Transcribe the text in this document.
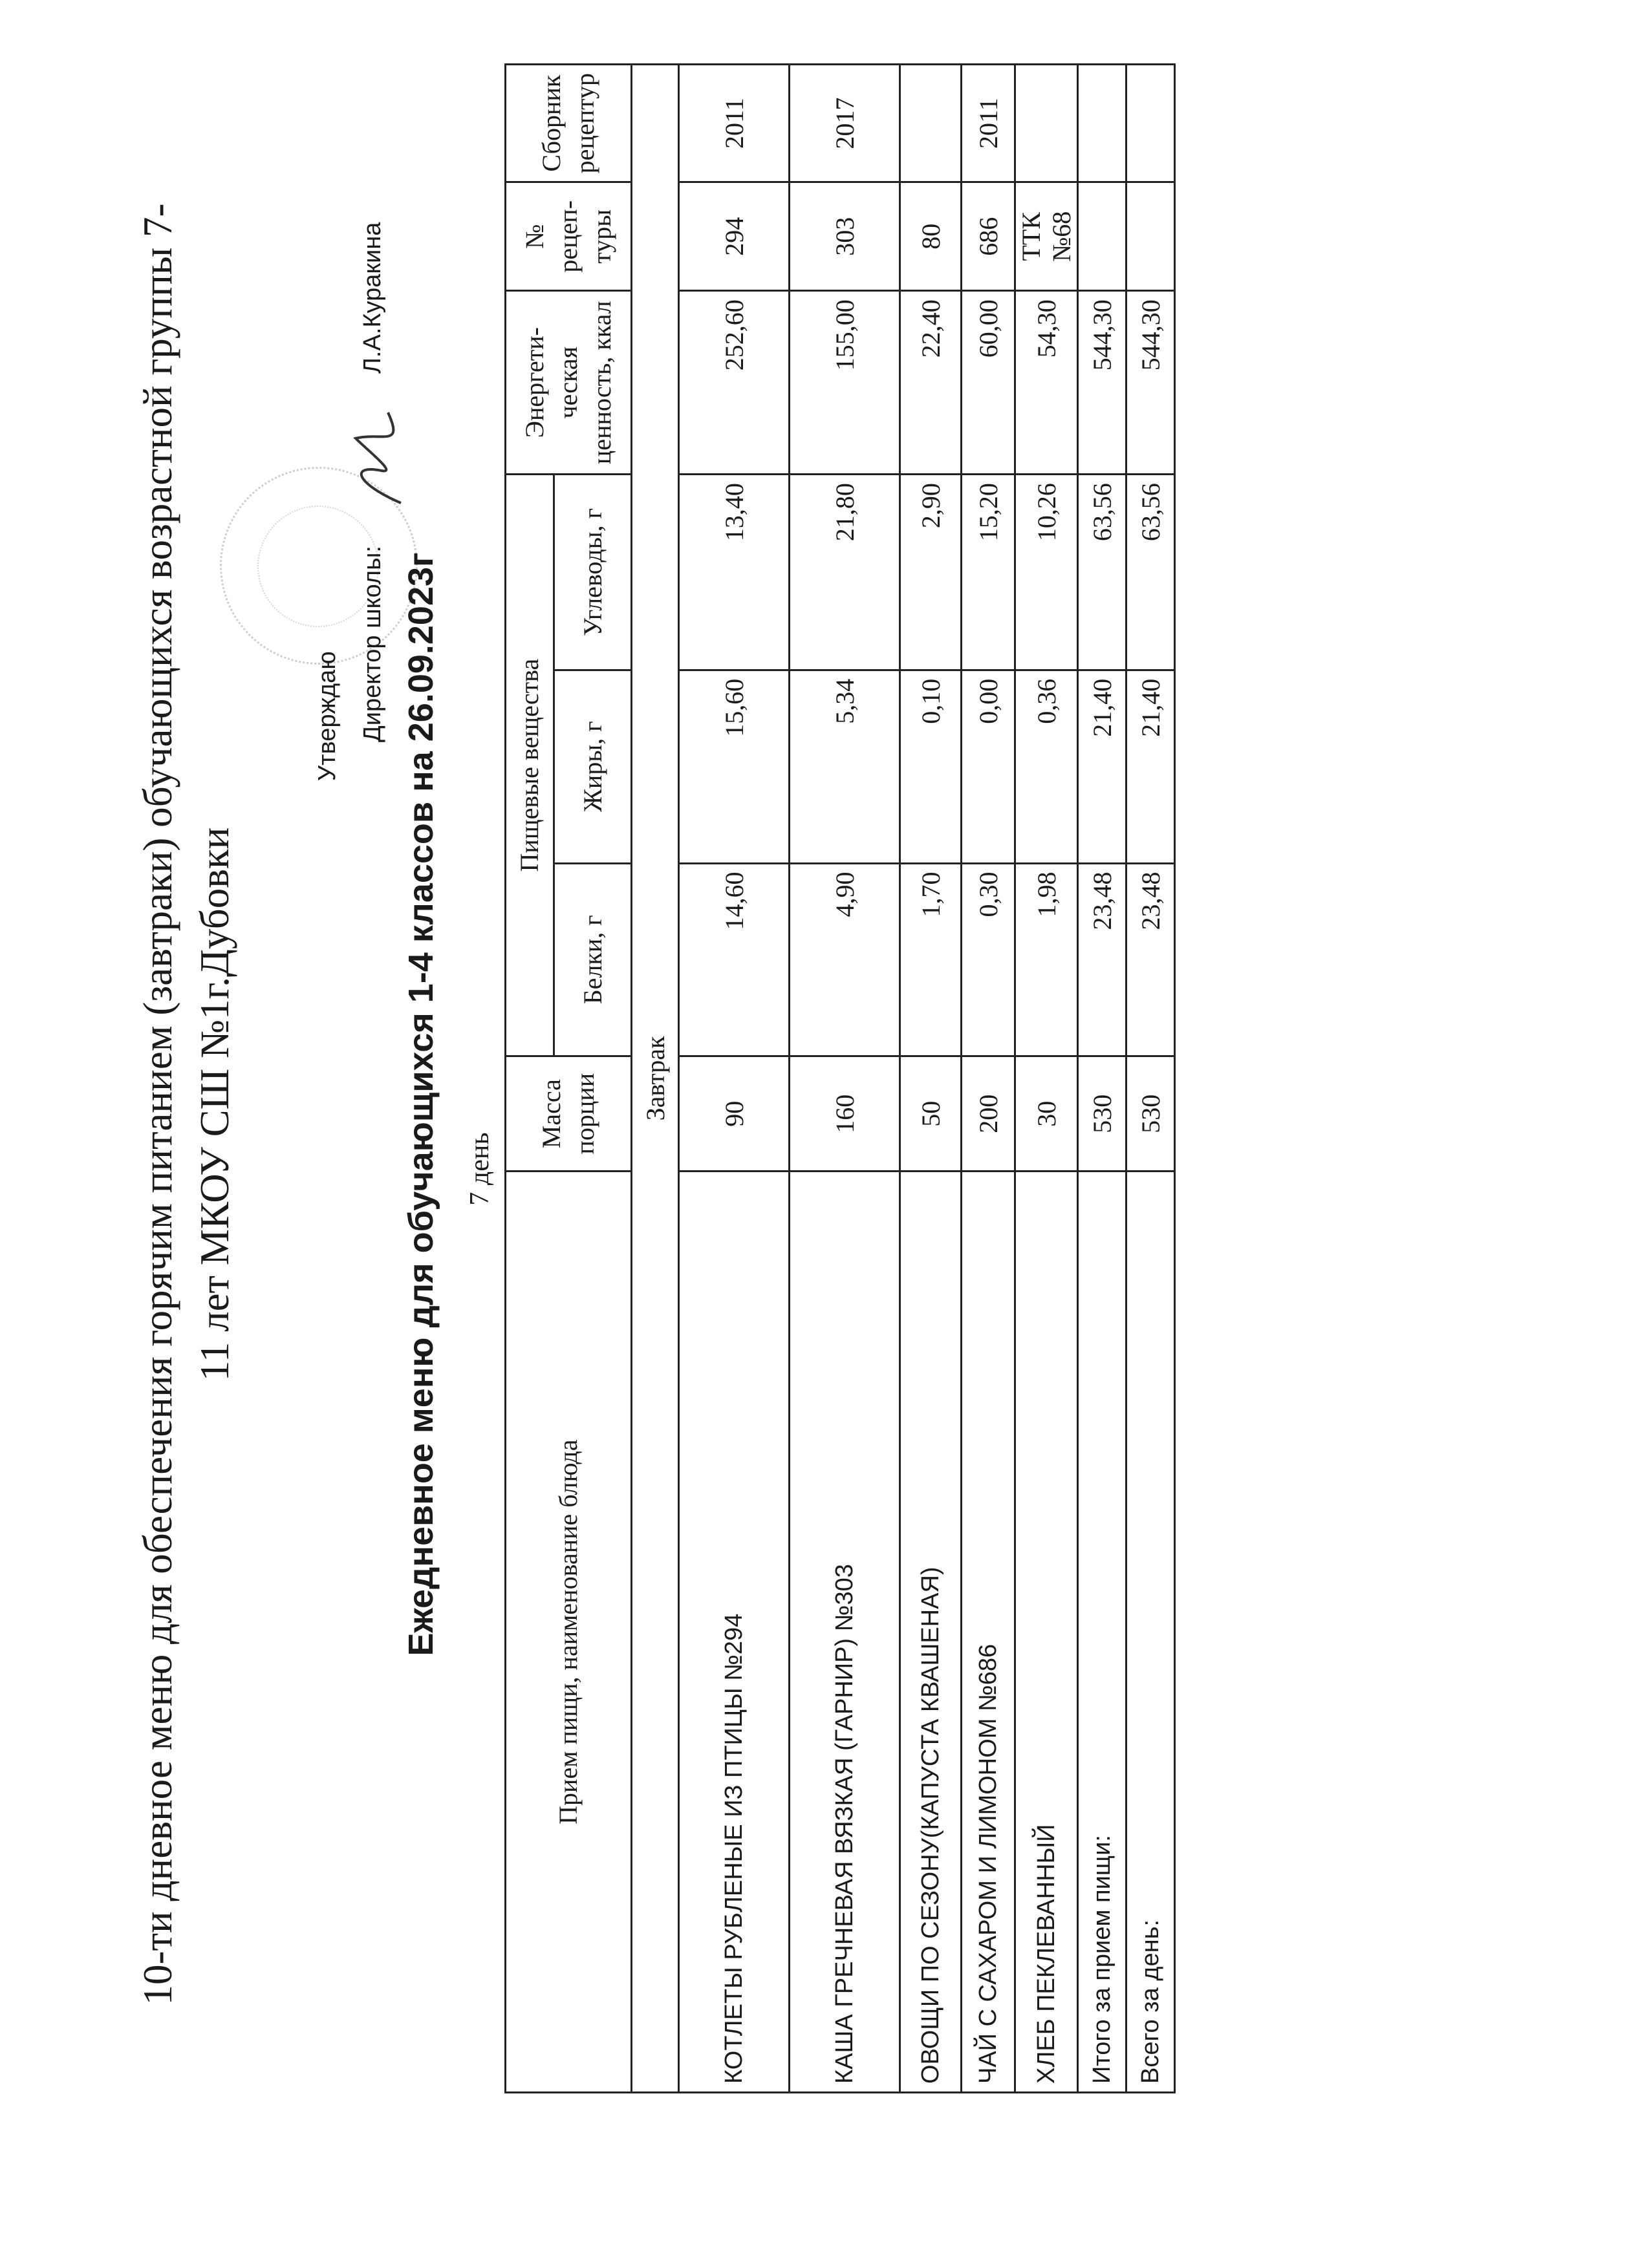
10-ти дневное меню для обеспечения горячим питанием (завтраки) обучающихся возрастной группы 7- 11 лет МКОУ СШ №1г.Дубовки
Утверждаю Директор школы:
Л.А.Куракина
Ежедневное меню для обучающихся 1-4 классов на 26.09.2023г 7 день
Прием пищи, наименование блюда	Масса порции	Пищевые вещества			Энергети-ческая ценность, ккал	№ рецеп-туры	Сборник рецептур
		Белки, г	Жиры, г	Углеводы, г			
Завтрак							
КОТЛЕТЫ РУБЛЕНЫЕ ИЗ ПТИЦЫ №294	90	14,60	15,60	13,40	252,60	294	2011
КАША ГРЕЧНЕВАЯ ВЯЗКАЯ (ГАРНИР) №303	160	4,90	5,34	21,80	155,00	303	2017
ОВОЩИ ПО СЕЗОНУ(КАПУСТА КВАШЕНАЯ)	50	1,70	0,10	2,90	22,40	80	
ЧАЙ С САХАРОМ И ЛИМОНОМ №686	200	0,30	0,00	15,20	60,00	686	2011
ХЛЕБ ПЕКЛЕВАННЫЙ	30	1,98	0,36	10,26	54,30	ТТК №68	
Итого за прием пищи:	530	23,48	21,40	63,56	544,30		
Всего за день:	530	23,48	21,40	63,56	544,30		
